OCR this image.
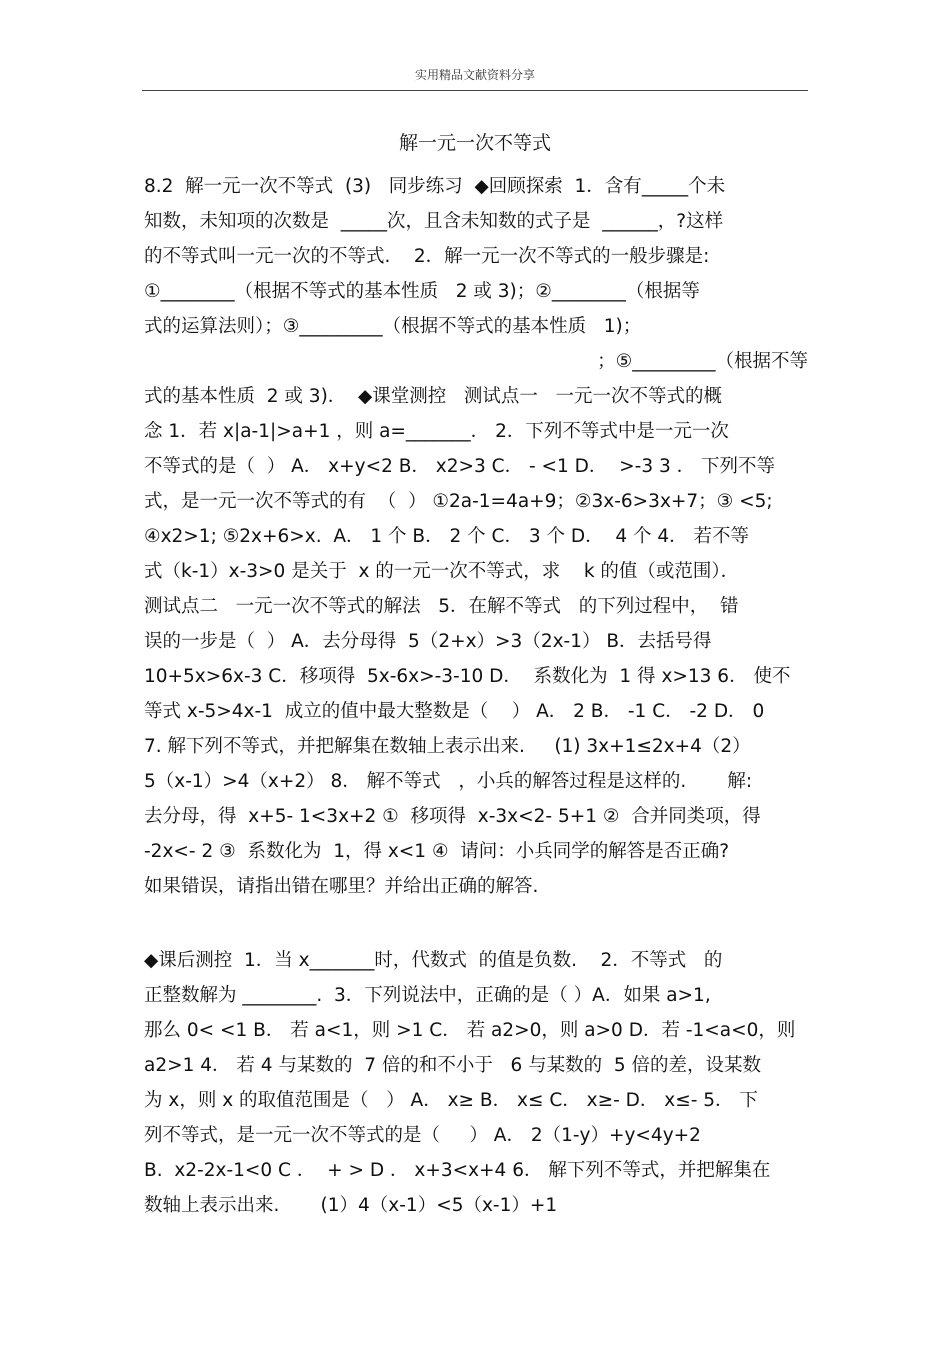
实用精品文献资料分享
解一元一次不等式
8.2  解一元一次不等式  (3)   同步练习  ◆回顾探索  1．含有_____个未
知数，未知项的次数是  _____次，且含未知数的式子是  ______，?这样
的不等式叫一元一次的不等式.    2．解一元一次不等式的一般步骤是:
①________（根据不等式的基本性质   2 或 3)；②________（根据等
式的运算法则）；③_________（根据不等式的基本性质   1)；
；⑤_________（根据不等
式的基本性质  2 或 3)．  ◆课堂测控   测试点一   一元一次不等式的概
念 1．若 x|a-1|>a+1 ，则 a=_______． 2．下列不等式中是一元一次
不等式的是（  ） A． x+y<2 B． x2>3 C． - <1 D．  >-3 3 ． 下列不等
式，是一元一次不等式的有  （  ） ①2a-1=4a+9；②3x-6>3x+7；③ <5;
④x2>1; ⑤2x+6>x.  A． 1 个 B． 2 个 C． 3 个 D．  4 个 4． 若不等
式（k-1）x-3>0 是关于  x 的一元一次不等式，求    k 的值（或范围）．
测试点二   一元一次不等式的解法   5．在解不等式   的下列过程中，  错
误的一步是（  ） A．去分母得  5（2+x）>3（2x-1） B．去括号得
10+5x>6x-3 C．移项得  5x-6x>-3-10 D．  系数化为  1 得 x>13 6． 使不
等式 x-5>4x-1  成立的值中最大整数是（    ） A． 2 B． -1 C． -2 D． 0
7. 解下列不等式，并把解集在数轴上表示出来.     (1) 3x+1≤2x+4（2）
5（x-1）>4（x+2） 8． 解不等式   ，小兵的解答过程是这样的.       解:
去分母，得  x+5- 1<3x+2 ①  移项得  x-3x<2- 5+1 ②  合并同类项，得
-2x<- 2 ③  系数化为  1，得 x<1 ④  请问：小兵同学的解答是否正确?
如果错误，请指出错在哪里？并给出正确的解答.
◆课后测控  1．当 x_______时，代数式  的值是负数.    2．不等式   的
正整数解为 ________.  3．下列说法中，正确的是（ ）A．如果 a>1,
那么 0< <1 B． 若 a<1，则 >1 C． 若 a2>0，则 a>0 D．若 -1<a<0，则
a2>1 4． 若 4 与某数的  7 倍的和不小于   6 与某数的  5 倍的差，设某数
为 x，则 x 的取值范围是（   ） A． x≥ B． x≤ C． x≥- D． x≤- 5． 下
列不等式，是一元一次不等式的是（     ） A． 2（1-y）+y<4y+2
B.  x2-2x-1<0 C ．  + > D ． x+3<x+4 6． 解下列不等式，并把解集在
数轴上表示出来.       (1）4（x-1）<5（x-1）+1
